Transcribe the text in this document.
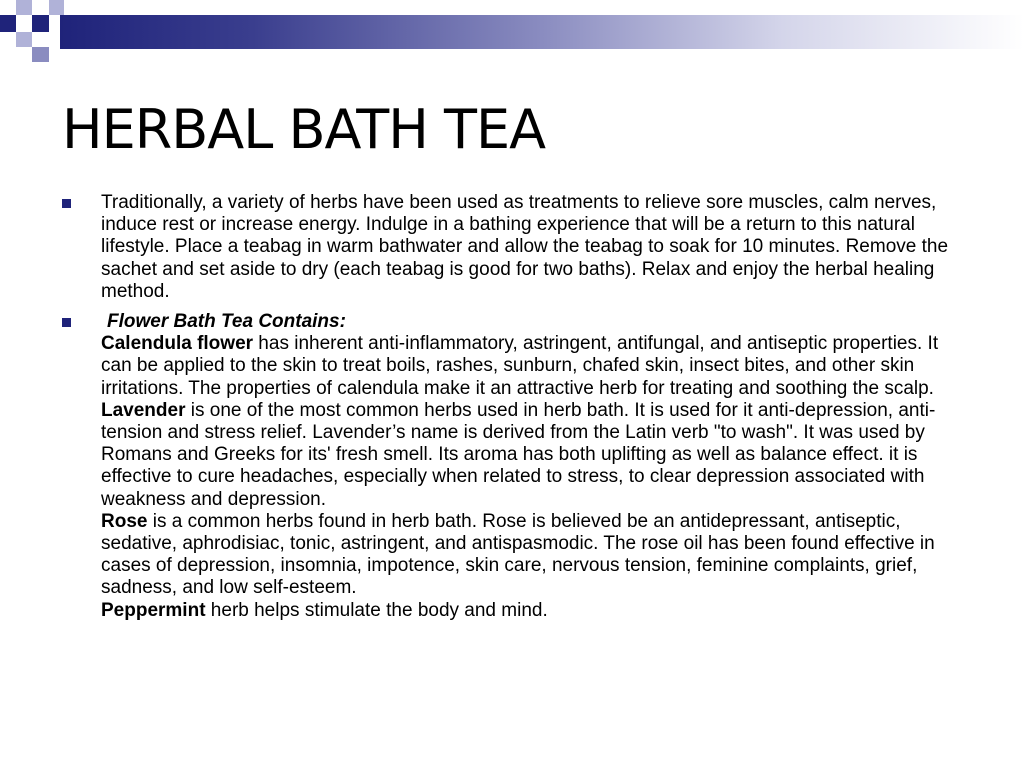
HERBAL BATH TEA
Traditionally, a variety of herbs have been used as treatments to relieve sore muscles, calm nerves, induce rest or increase energy. Indulge in a bathing experience that will be a return to this natural lifestyle. Place a teabag in warm bathwater and allow the teabag to soak for 10 minutes. Remove the sachet and set aside to dry (each teabag is good for two baths). Relax and enjoy the herbal healing method.
Flower Bath Tea Contains:
Calendula flower has inherent anti-inflammatory, astringent, antifungal, and antiseptic properties. It can be applied to the skin to treat boils, rashes, sunburn, chafed skin, insect bites, and other skin irritations. The properties of calendula make it an attractive herb for treating and soothing the scalp.
Lavender is one of the most common herbs used in herb bath. It is used for it anti-depression, anti-tension and stress relief. Lavender’s name is derived from the Latin verb "to wash". It was used by Romans and Greeks for its' fresh smell. Its aroma has both uplifting as well as balance effect. it is effective to cure headaches, especially when related to stress, to clear depression associated with weakness and depression.
Rose is a common herbs found in herb bath. Rose is believed be an antidepressant, antiseptic, sedative, aphrodisiac, tonic, astringent, and antispasmodic. The rose oil has been found effective in cases of depression, insomnia, impotence, skin care, nervous tension, feminine complaints, grief, sadness, and low self-esteem.
Peppermint herb helps stimulate the body and mind.
